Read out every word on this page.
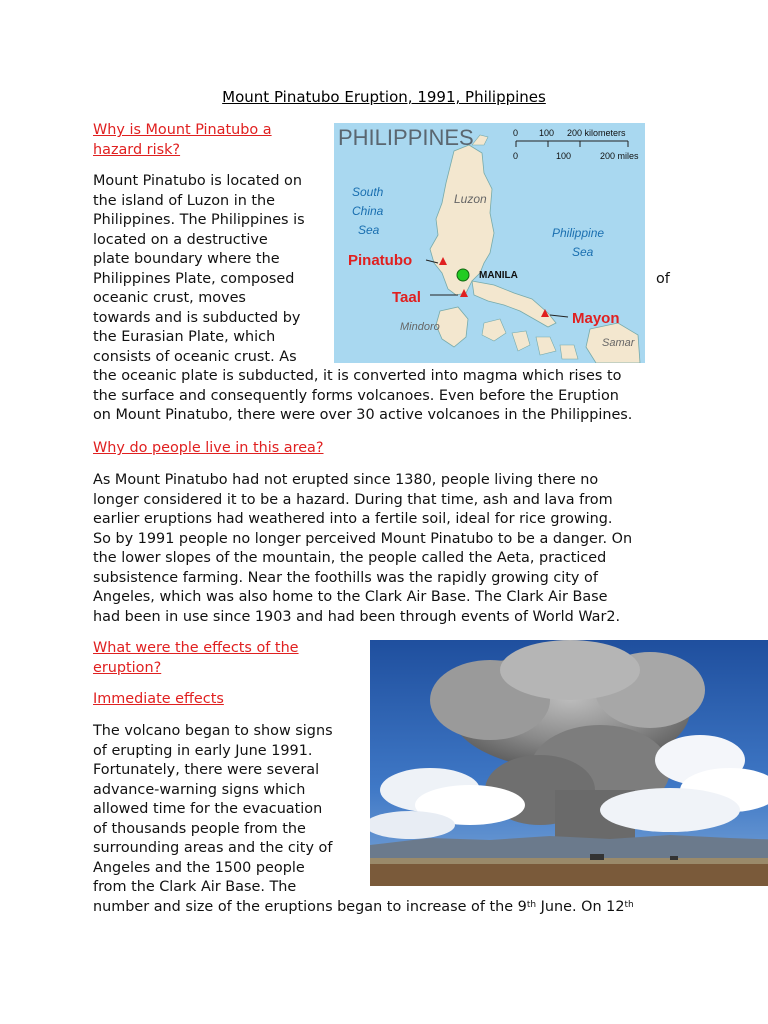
Mount Pinatubo Eruption, 1991, Philippines
Why is Mount Pinatubo a
hazard risk?
Mount Pinatubo is located on
the island of Luzon in the
Philippines. The Philippines is
located on a destructive
plate boundary where the
Philippines Plate, composed
oceanic crust, moves
towards and is subducted by
the Eurasian Plate, which
consists of oceanic crust. As
of
the oceanic plate is subducted, it is converted into magma which rises to
the surface and consequently forms volcanoes. Even before the Eruption
on Mount Pinatubo, there were over 30 active volcanoes in the Philippines.
PHILIPPINES	0 100 200 kilometers
0	100	200 miles
South
China
Sea
Luzon
Philippine
Sea
Mindoro
Samar
Pinatubo
MANILA
Taal
Mayon
Why do people live in this area?
As Mount Pinatubo had not erupted since 1380, people living there no
longer considered it to be a hazard. During that time, ash and lava from
earlier eruptions had weathered into a fertile soil, ideal for rice growing.
So by 1991 people no longer perceived Mount Pinatubo to be a danger. On
the lower slopes of the mountain, the people called the Aeta, practiced
subsistence farming. Near the foothills was the rapidly growing city of
Angeles, which was also home to the Clark Air Base. The Clark Air Base
had been in use since 1903 and had been through events of World War2.
What were the effects of the
eruption?
Immediate effects
The volcano began to show signs
of erupting in early June 1991.
Fortunately, there were several
advance-warning signs which
allowed time for the evacuation
of thousands people from the
surrounding areas and the city of
Angeles and the 1500 people
from the Clark Air Base. The
number and size of the eruptions began to increase of the 9th June. On 12th
